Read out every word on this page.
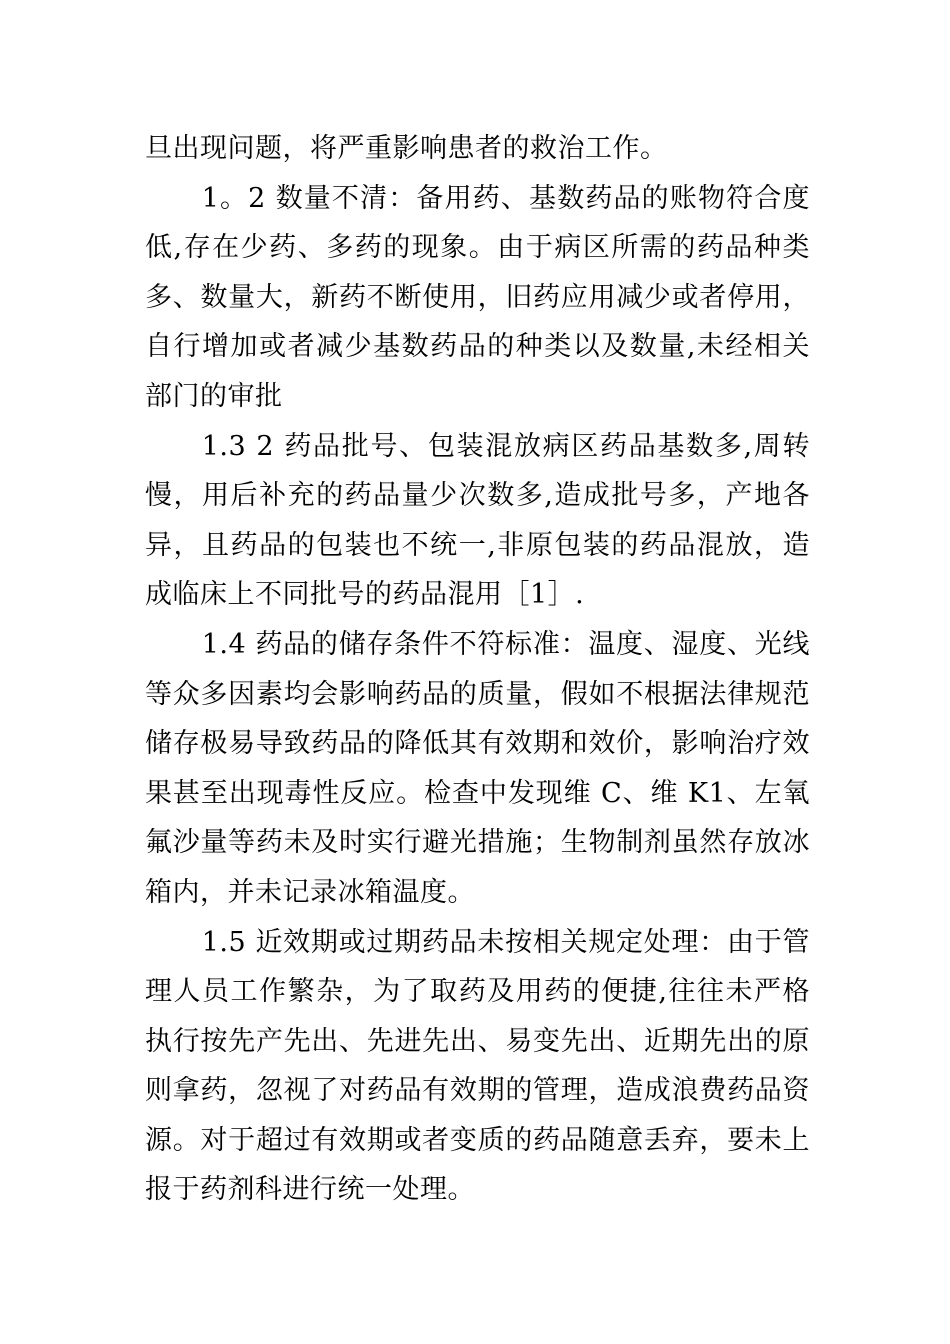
旦出现问题，将严重影响患者的救治工作。

1。2 数量不清：备用药、基数药品的账物符合度低,存在少药、多药的现象。由于病区所需的药品种类多、数量大，新药不断使用，旧药应用减少或者停用，自行增加或者减少基数药品的种类以及数量,未经相关部门的审批

1.3 2 药品批号、包装混放病区药品基数多,周转慢，用后补充的药品量少次数多,造成批号多，产地各异，且药品的包装也不统一,非原包装的药品混放，造成临床上不同批号的药品混用［1］.

1.4 药品的储存条件不符标准：温度、湿度、光线等众多因素均会影响药品的质量，假如不根据法律规范储存极易导致药品的降低其有效期和效价，影响治疗效果甚至出现毒性反应。检查中发现维 C、维 K1、左氧氟沙量等药未及时实行避光措施；生物制剂虽然存放冰箱内，并未记录冰箱温度。

1.5 近效期或过期药品未按相关规定处理：由于管理人员工作繁杂，为了取药及用药的便捷,往往未严格执行按先产先出、先进先出、易变先出、近期先出的原则拿药，忽视了对药品有效期的管理，造成浪费药品资源。对于超过有效期或者变质的药品随意丢弃，要未上报于药剂科进行统一处理。
